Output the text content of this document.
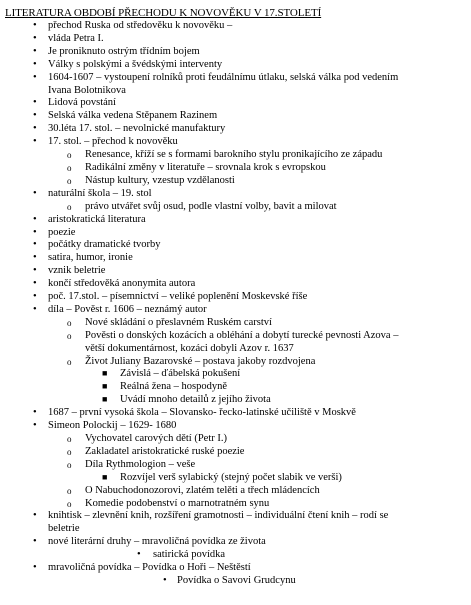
LITERATURA OBDOBÍ PŘECHODU K NOVOVĚKU V 17.STOLETÍ
• přechod Ruska od středověku k novověku –
• vláda Petra I.
• Je proniknuto ostrým třídním bojem
• Války s polskými a švédskými interventy
• 1604-1607 – vystoupení rolníků proti feudálnímu útlaku, selská válka pod vedením
Ivana Bolotnikova
• Lidová povstání
• Selská válka vedena Stěpanem Razinem
• 30.léta 17. stol. – nevolnické manufaktury
• 17. stol. – přechod k novověku
o Renesance, kříží se s formami barokního stylu pronikajícího ze západu
o Radikální změny v literatuře – srovnala krok s evropskou
o Nástup kultury, vzestup vzdělanosti
• naturální škola – 19. stol
o právo utvářet svůj osud, podle vlastní volby, bavit a milovat
• aristokratická literatura
• poezie
• počátky dramatické tvorby
• satira, humor, ironie
• vznik beletrie
• končí středověká anonymita autora
• poč. 17.stol. – písemnictví – veliké poplenění Moskevské říše
• díla – Pověst r. 1606 – neznámý autor
o Nové skládání o přeslavném Ruském carství
o Pověsti o donských kozácích a obléhání a dobytí turecké pevnosti Azova –
větší dokumentárnost, kozáci dobyli Azov r. 1637
o Život Juliany Bazarovské – postava jakoby rozdvojena
■ Závislá – ďábelská pokušení
■ Reálná žena – hospodyně
■ Uvádí mnoho detailů z jejího života
• 1687 – první vysoká škola – Slovansko- řecko-latinské učiliště v Moskvě
• Simeon Polockij – 1629- 1680
o Vychovatel carových dětí (Petr I.)
o Zakladatel aristokratické ruské poezie
o Díla Rythmologion – veše
■ Rozvíjel verš sylabický (stejný počet slabik ve verši)
o O Nabuchodonozorovi, zlatém telěti a třech mládencích
o Komedie podobenství o marnotratném synu
• knihtisk – zlevnění knih, rozšíření gramotnosti – individuální čtení knih – rodí se
beletrie
• nové literární druhy – mravoličná povídka ze života
• satirická povídka
• mravoličná povídka – Povídka o Hoři – Neštěstí
• Povídka o Savovi Grudcynu
